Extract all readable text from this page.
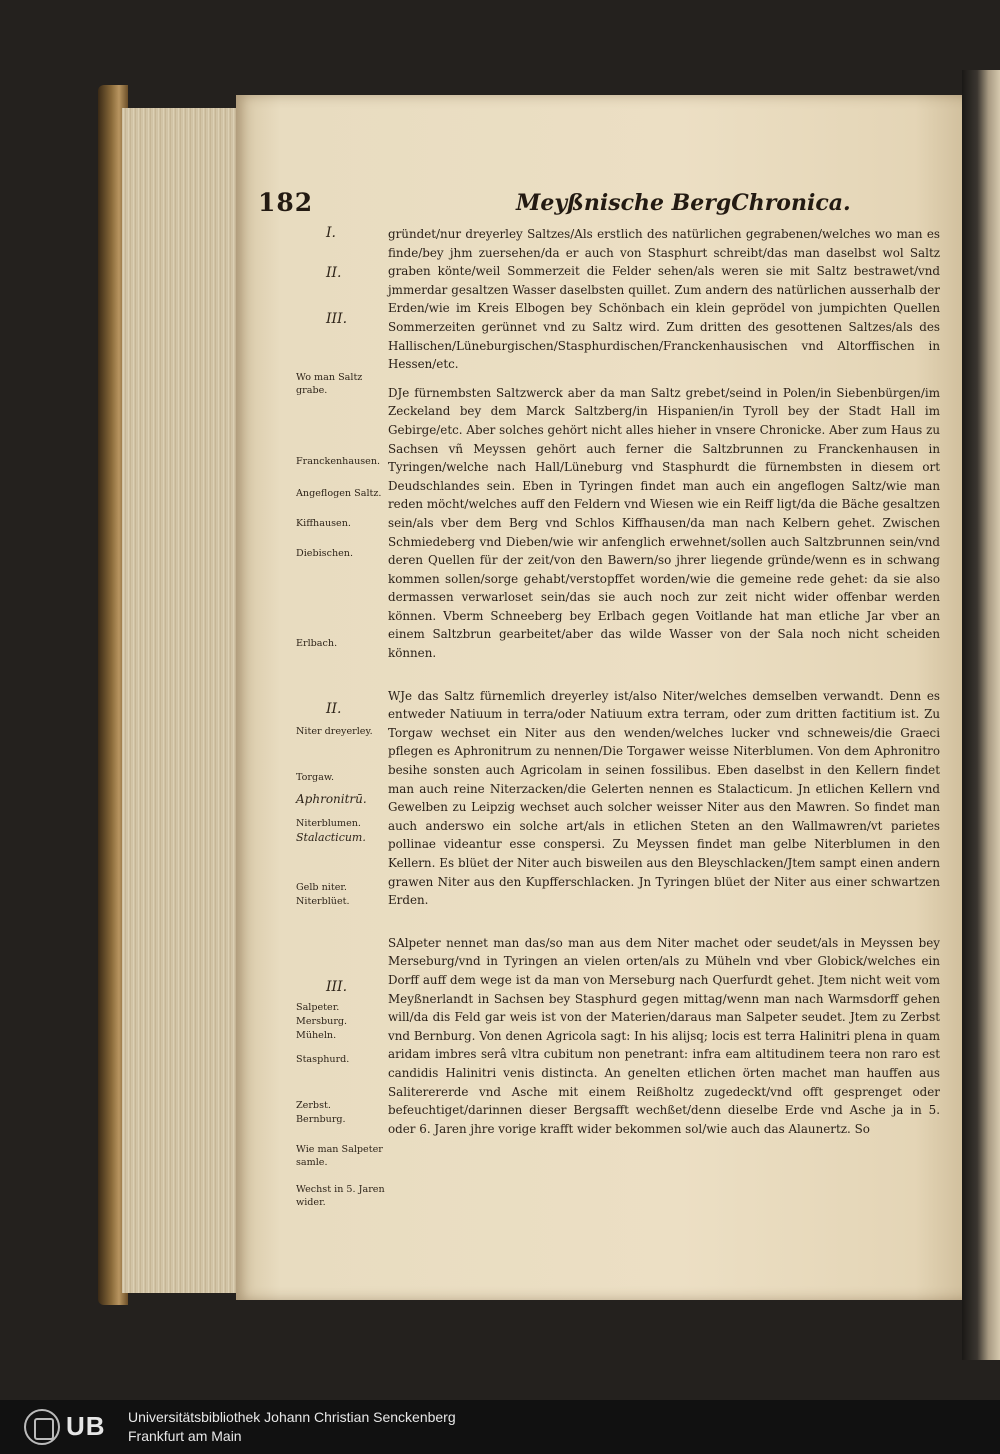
182	Meyßnische BergChronica.
I.
II.
III.
Wo man Saltz grabe.
Franckenhausen.
Angeflogen Saltz.
Kiffhausen.
Diebischen.
Erlbach.
II.
Niter dreyerley.
Torgaw.
Aphronitrū.
Niterblumen.
Stalacticum.
Gelb niter.
Niterblüet.
III.
Salpeter.
Mersburg.
Müheln.
Stasphurd.
Zerbst.
Bernburg.
Wie man Salpeter samle.
Wechst in 5. Jaren wider.

gründet/nur dreyerley Saltzes/Als erstlich des natürlichen gegrabenen/welches wo man es finde/bey jhm zuersehen/da er auch von Stasphurt schreibt/das man daselbst wol Saltz graben könte/weil Sommerzeit die Felder sehen/als weren sie mit Saltz bestrawet/vnd jmmerdar gesaltzen Wasser daselbsten quillet. Zum andern des natürlichen ausserhalb der Erden/wie im Kreis Elbogen bey Schönbach ein klein geprödel von jumpichten Quellen Sommerzeiten gerünnet vnd zu Saltz wird. Zum dritten des gesottenen Saltzes/als des Hallischen/Lüneburgischen/Stasphurdischen/Franckenhausischen vnd Altorffischen in Hessen/etc.

DJe fürnembsten Saltzwerck aber da man Saltz grebet/seind in Polen/in Siebenbürgen/im Zeckeland bey dem Marck Saltzberg/in Hispanien/in Tyroll bey der Stadt Hall im Gebirge/etc. Aber solches gehört nicht alles hieher in vnsere Chronicke. Aber zum Haus zu Sachsen vñ Meyssen gehört auch ferner die Saltzbrunnen zu Franckenhausen in Tyringen/welche nach Hall/Lüneburg vnd Stasphurdt die fürnembsten in diesem ort Deudschlandes sein. Eben in Tyringen findet man auch ein angeflogen Saltz/wie man reden möcht/welches auff den Feldern vnd Wiesen wie ein Reiff ligt/da die Bäche gesaltzen sein/als vber dem Berg vnd Schlos Kiffhausen/da man nach Kelbern gehet. Zwischen Schmiedeberg vnd Dieben/wie wir anfenglich erwehnet/sollen auch Saltzbrunnen sein/vnd deren Quellen für der zeit/von den Bawern/so jhrer liegende gründe/wenn es in schwang kommen sollen/sorge gehabt/verstopffet worden/wie die gemeine rede gehet: da sie also dermassen verwarloset sein/das sie auch noch zur zeit nicht wider offenbar werden können. Vberm Schneeberg bey Erlbach gegen Voitlande hat man etliche Jar vber an einem Saltzbrun gearbeitet/aber das wilde Wasser von der Sala noch nicht scheiden können.

WJe das Saltz fürnemlich dreyerley ist/also Niter/welches demselben verwandt. Denn es entweder Natiuum in terra/oder Natiuum extra terram, oder zum dritten factitium ist. Zu Torgaw wechset ein Niter aus den wenden/welches lucker vnd schneweis/die Graeci pflegen es Aphronitrum zu nennen/Die Torgawer weisse Niterblumen. Von dem Aphronitro besihe sonsten auch Agricolam in seinen fossilibus. Eben daselbst in den Kellern findet man auch reine Niterzacken/die Gelerten nennen es Stalacticum. Jn etlichen Kellern vnd Gewelben zu Leipzig wechset auch solcher weisser Niter aus den Mawren. So findet man auch anderswo ein solche art/als in etlichen Steten an den Wallmawren/vt parietes pollinae videantur esse conspersi. Zu Meyssen findet man gelbe Niterblumen in den Kellern. Es blüet der Niter auch bisweilen aus den Bleyschlacken/Jtem sampt einen andern grawen Niter aus den Kupfferschlacken. Jn Tyringen blüet der Niter aus einer schwartzen Erden.

SAlpeter nennet man das/so man aus dem Niter machet oder seudet/als in Meyssen bey Merseburg/vnd in Tyringen an vielen orten/als zu Müheln vnd vber Globick/welches ein Dorff auff dem wege ist da man von Merseburg nach Querfurdt gehet. Jtem nicht weit vom Meyßnerlandt in Sachsen bey Stasphurd gegen mittag/wenn man nach Warmsdorff gehen will/da dis Feld gar weis ist von der Materien/daraus man Salpeter seudet. Jtem zu Zerbst vnd Bernburg. Von denen Agricola sagt: In his alijsq; locis est terra Halinitri plena in quam aridam imbres serâ vltra cubitum non penetrant: infra eam altitudinem teera non raro est candidis Halinitri venis distincta. An genelten etlichen örten machet man hauffen aus Saliterererde vnd Asche mit einem Reißholtz zugedeckt/vnd offt gesprenget oder befeuchtiget/darinnen dieser Bergsafft wechßet/denn dieselbe Erde vnd Asche ja in 5. oder 6. Jaren jhre vorige krafft wider bekommen sol/wie auch das Alaunertz. So

UB Universitätsbibliothek Johann Christian Senckenberg
Frankfurt am Main
